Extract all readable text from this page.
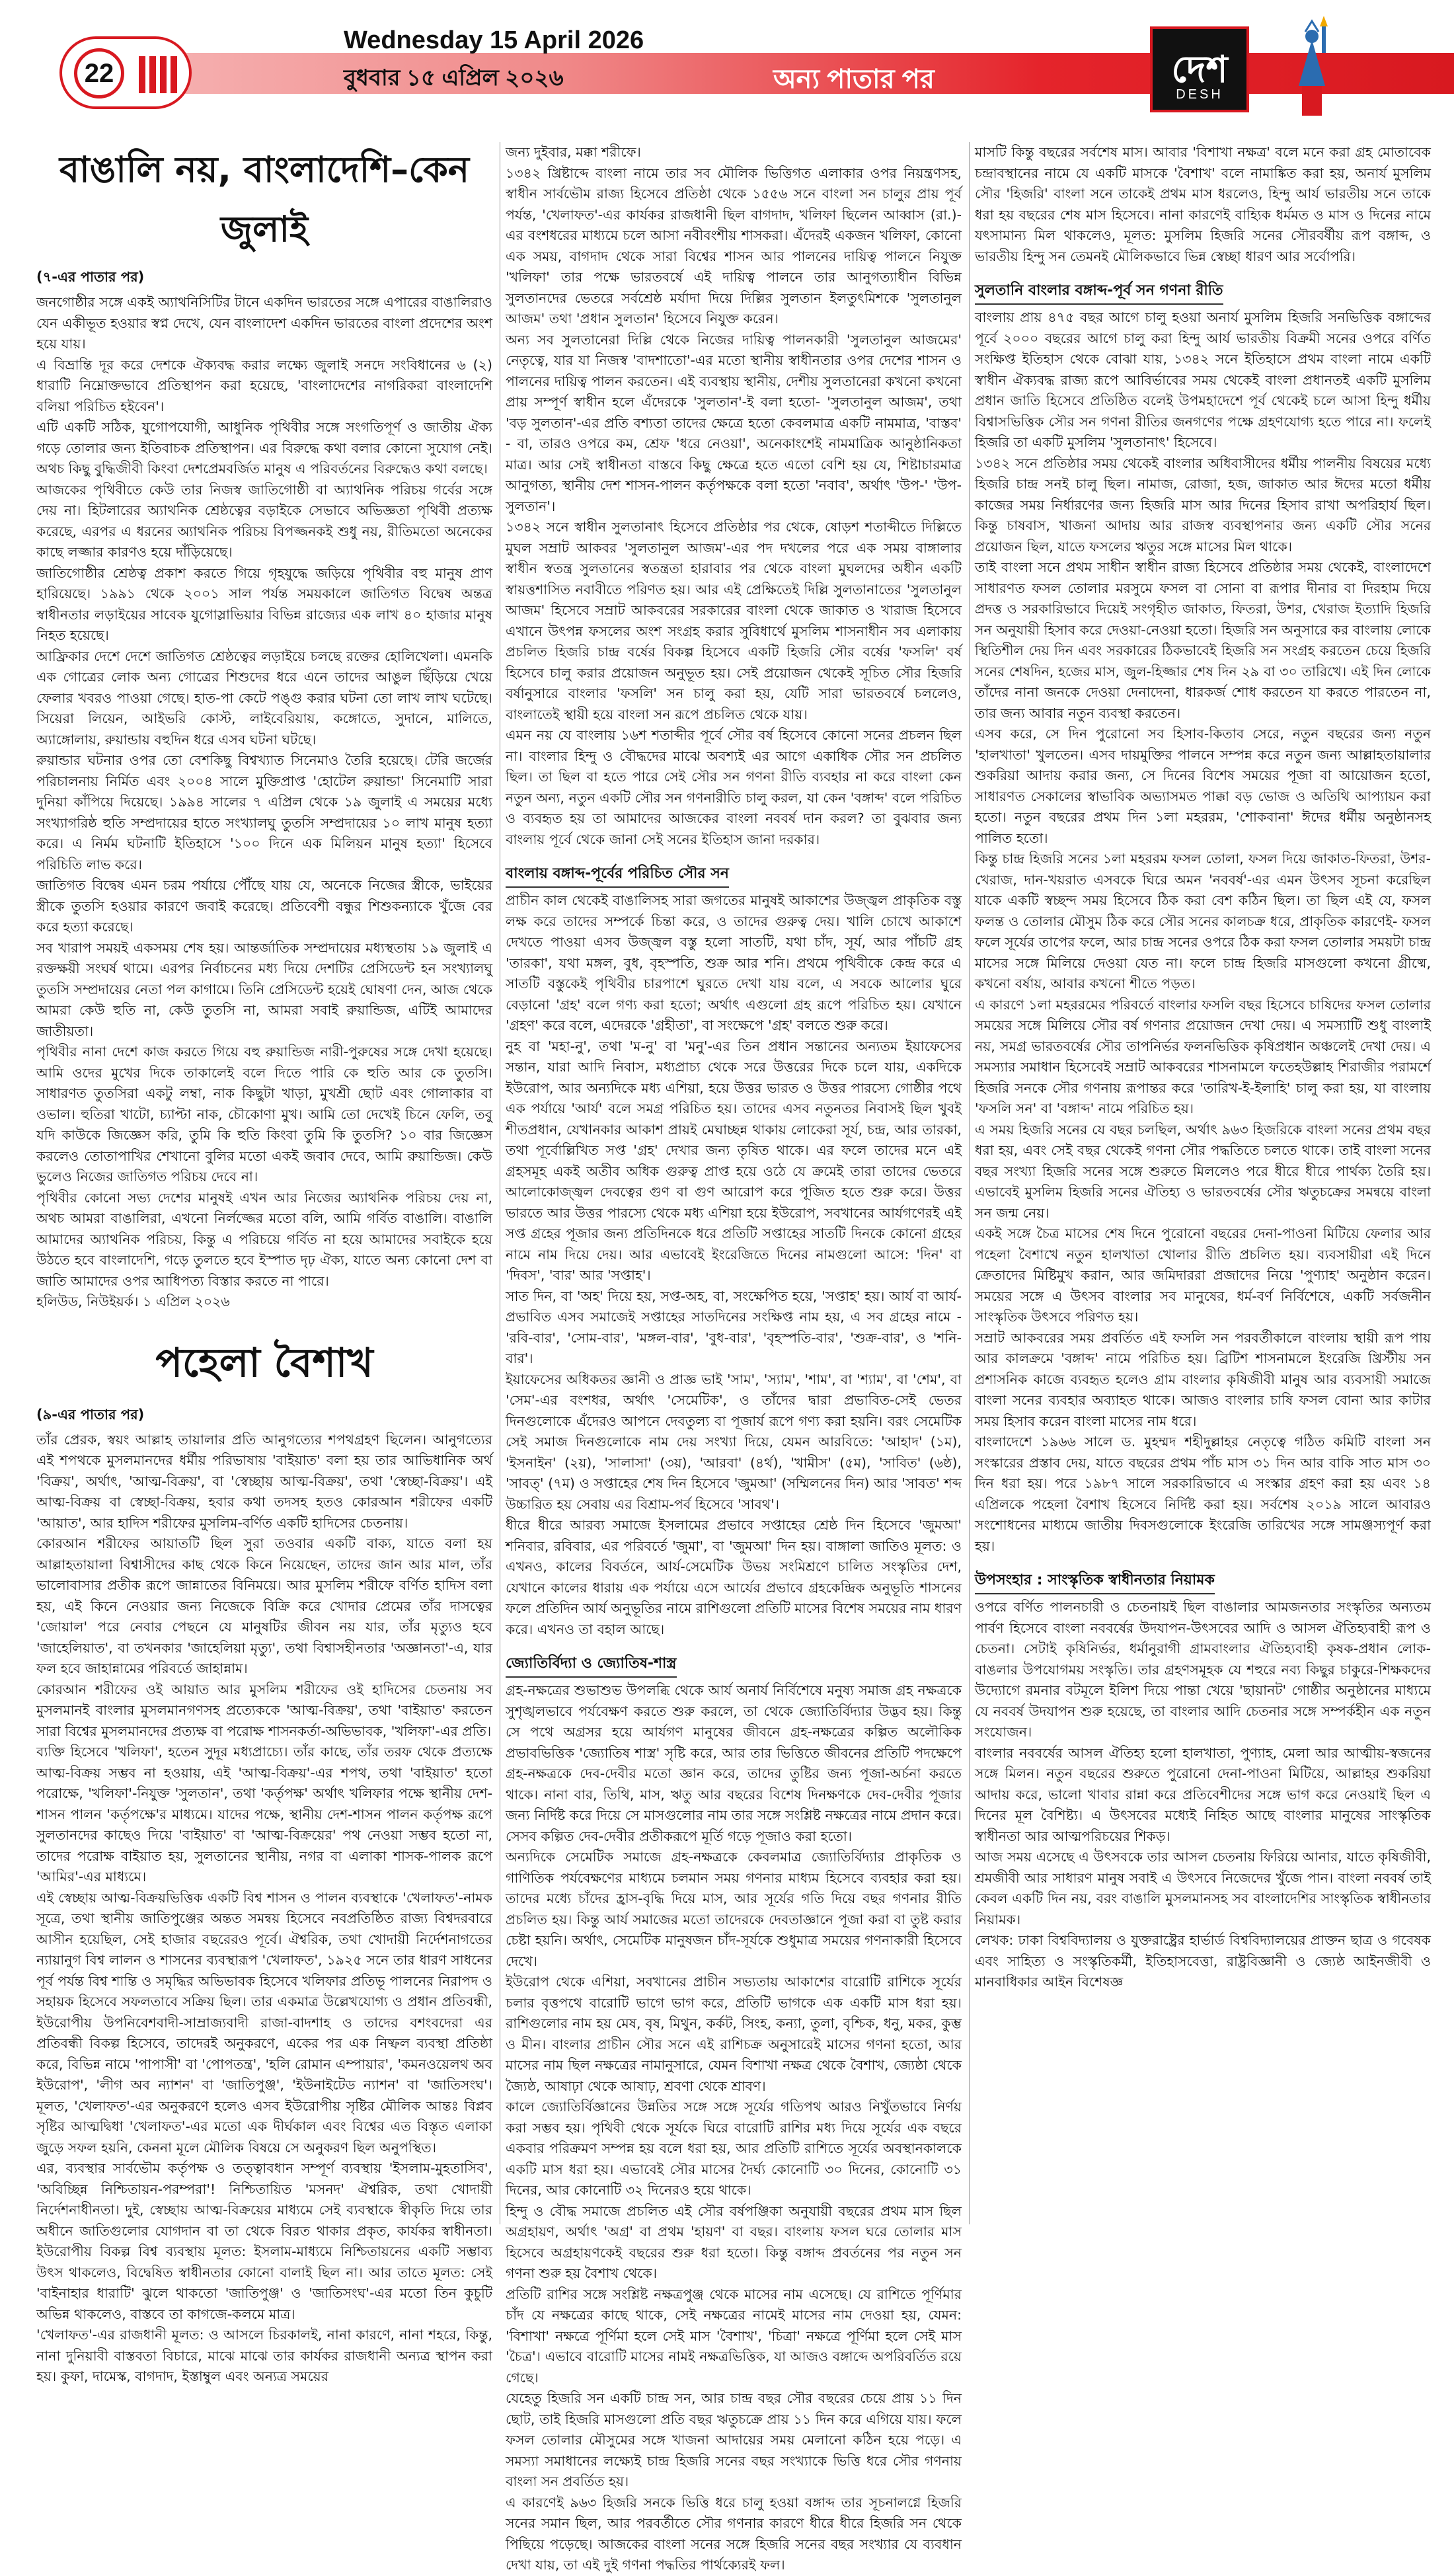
22
Wednesday 15 April 2026
বুধবার ১৫ এপ্রিল ২০২৬	অন্য পাতার পর	দেশ
DESH
বাঙালি নয়, বাংলাদেশি–কেন জুলাই

(৭-এর পাতার পর)

জনগোষ্ঠীর সঙ্গে একই অ্যাথনিসিটির টানে একদিন ভারতের সঙ্গে এপারের বাঙালিরাও যেন একীভূত হওয়ার স্বপ্ন দেখে, যেন বাংলাদেশ একদিন ভারতের বাংলা প্রদেশের অংশ হয়ে যায়।

এ বিভ্রান্তি দূর করে দেশকে ঐক্যবদ্ধ করার লক্ষ্যে জুলাই সনদে সংবিধানের ৬ (২) ধারাটি নিম্নোক্তভাবে প্রতিস্থাপন করা হয়েছে, 'বাংলাদেশের নাগরিকরা বাংলাদেশি বলিয়া পরিচিত হইবেন'।

এটি একটি সঠিক, যুগোপযোগী, আধুনিক পৃথিবীর সঙ্গে সংগতিপূর্ণ ও জাতীয় ঐক্য গড়ে তোলার জন্য ইতিবাচক প্রতিস্থাপন। এর বিরুদ্ধে কথা বলার কোনো সুযোগ নেই। অথচ কিছু বুদ্ধিজীবী কিংবা দেশপ্রেমবর্জিত মানুষ এ পরিবর্তনের বিরুদ্ধেও কথা বলছে।

আজকের পৃথিবীতে কেউ তার নিজস্ব জাতিগোষ্ঠী বা অ্যাথনিক পরিচয় গর্বের সঙ্গে দেয় না। হিটলারের অ্যাথনিক শ্রেষ্ঠত্বের বড়াইকে সেভাবে অভিজ্ঞতা পৃথিবী প্রত্যক্ষ করেছে, এরপর এ ধরনের অ্যাথনিক পরিচয় বিপজ্জনকই শুধু নয়, রীতিমতো অনেকের কাছে লজ্জার কারণও হয়ে দাঁড়িয়েছে।

জাতিগোষ্ঠীর শ্রেষ্ঠত্ব প্রকাশ করতে গিয়ে গৃহযুদ্ধে জড়িয়ে পৃথিবীর বহু মানুষ প্রাণ হারিয়েছে। ১৯৯১ থেকে ২০০১ সাল পর্যন্ত সময়কালে জাতিগত বিদ্বেষ অন্তত্র স্বাধীনতার লড়াইয়ের সাবেক যুগোস্লাভিয়ার বিভিন্ন রাজ্যের এক লাখ ৪০ হাজার মানুষ নিহত হয়েছে।

আফ্রিকার দেশে দেশে জাতিগত শ্রেষ্ঠত্বের লড়াইয়ে চলছে রক্তের হোলিখেলা। এমনকি এক গোত্রের লোক অন্য গোত্রের শিশুদের ধরে এনে তাদের আঙুল ছিঁড়িয়ে খেয়ে ফেলার খবরও পাওয়া গেছে। হাত-পা কেটে পঙ্গু করার ঘটনা তো লাখ লাখ ঘটেছে। সিয়েরা লিয়েন, আইভরি কোস্ট, লাইবেরিয়ায়, কঙ্গোতে, সুদানে, মালিতে, অ্যাঙ্গোলায়, রুয়ান্ডায় বহুদিন ধরে এসব ঘটনা ঘটছে।

রুয়ান্ডার ঘটনার ওপর তো বেশকিছু বিশ্বখ্যাত সিনেমাও তৈরি হয়েছে। টেরি জর্জের পরিচালনায় নির্মিত এবং ২০০৪ সালে মুক্তিপ্রাপ্ত 'হোটেল রুয়ান্ডা' সিনেমাটি সারা দুনিয়া কাঁপিয়ে দিয়েছে। ১৯৯৪ সালের ৭ এপ্রিল থেকে ১৯ জুলাই এ সময়ের মধ্যে সংখ্যাগরিষ্ঠ হুতি সম্প্রদায়ের হাতে সংখ্যালঘু তুতসি সম্প্রদায়ের ১০ লাখ মানুষ হত্যা করে। এ নির্মম ঘটনাটি ইতিহাসে '১০০ দিনে এক মিলিয়ন মানুষ হত্যা' হিসেবে পরিচিতি লাভ করে।

জাতিগত বিদ্বেষ এমন চরম পর্যায়ে পৌঁছে যায় যে, অনেকে নিজের স্ত্রীকে, ভাইয়ের স্ত্রীকে তুতসি হওয়ার কারণে জবাই করেছে। প্রতিবেশী বন্ধুর শিশুকন্যাকে খুঁজে বের করে হত্যা করেছে।

সব খারাপ সময়ই একসময় শেষ হয়। আন্তর্জাতিক সম্প্রদায়ের মধ্যস্থতায় ১৯ জুলাই এ রক্তক্ষয়ী সংঘর্ষ থামে। এরপর নির্বাচনের মধ্য দিয়ে দেশটির প্রেসিডেন্ট হন সংখ্যালঘু তুতসি সম্প্রদায়ের নেতা পল কাগামে। তিনি প্রেসিডেন্ট হয়েই ঘোষণা দেন, আজ থেকে আমরা কেউ হুতি না, কেউ তুতসি না, আমরা সবাই রুয়ান্ডিজ, এটিই আমাদের জাতীয়তা।

পৃথিবীর নানা দেশে কাজ করতে গিয়ে বহু রুয়ান্ডিজ নারী-পুরুষের সঙ্গে দেখা হয়েছে। আমি ওদের মুখের দিকে তাকালেই বলে দিতে পারি কে হুতি আর কে তুতসি। সাধারণত তুতসিরা একটু লম্বা, নাক কিছুটা খাড়া, মুখশ্রী ছোট এবং গোলাকার বা ওভাল। হুতিরা খাটো, চ্যাপ্টা নাক, চৌকোণা মুখ। আমি তো দেখেই চিনে ফেলি, তবু যদি কাউকে জিজ্ঞেস করি, তুমি কি হুতি কিংবা তুমি কি তুতসি? ১০ বার জিজ্ঞেস করলেও তোতাপাখির শেখানো বুলির মতো একই জবাব দেবে, আমি রুয়ান্ডিজ। কেউ ভুলেও নিজের জাতিগত পরিচয় দেবে না।

পৃথিবীর কোনো সভ্য দেশের মানুষই এখন আর নিজের অ্যাথনিক পরিচয় দেয় না, অথচ আমরা বাঙালিরা, এখনো নির্লজ্জের মতো বলি, আমি গর্বিত বাঙালি। বাঙালি আমাদের অ্যাথনিক পরিচয়, কিন্তু এ পরিচয়ে গর্বিত না হয়ে আমাদের সবাইকে হয়ে উঠতে হবে বাংলাদেশি, গড়ে তুলতে হবে ইস্পাত দৃঢ় ঐক্য, যাতে অন্য কোনো দেশ বা জাতি আমাদের ওপর আধিপত্য বিস্তার করতে না পারে।

হলিউড, নিউইয়র্ক। ১ এপ্রিল ২০২৬

পহেলা বৈশাখ

(৯-এর পাতার পর)

তাঁর প্রেরক, স্বয়ং আল্লাহ তায়ালার প্রতি আনুগত্যের শপথগ্রহণ ছিলেন। আনুগত্যের এই শপথকে মুসলমানদের ধর্মীয় পরিভাষায় 'বাইয়াত' বলা হয় তার আভিধানিক অর্থ 'বিক্রয়', অর্থাৎ, 'আত্ম-বিক্রয়', বা 'স্বেচ্ছায় আত্ম-বিক্রয়', তথা 'স্বেচ্ছা-বিক্রয়'। এই আত্ম-বিক্রয় বা স্বেচ্ছা-বিক্রয়, হবার কথা তদসহ হতও কোরআন শরীফের একটি 'আয়াত', আর হাদিস শরীফের মুসলিম-বর্ণিত একটি হাদিসের চেতনায়।

কোরআন শরীফের আয়াতটি ছিল সুরা তওবার একটি বাক্য, যাতে বলা হয় আল্লাহতায়ালা বিশ্বাসীদের কাছ থেকে কিনে নিয়েছেন, তাদের জান আর মাল, তাঁর ভালোবাসার প্রতীক রূপে জান্নাতের বিনিময়ে। আর মুসলিম শরীফে বর্ণিত হাদিস বলা হয়, এই কিনে নেওয়ার জন্য নিজেকে বিক্রি করে খোদার প্রেমের তাঁর দাসত্বের 'জোয়াল' পরে নেবার পেছনে যে মানুষটির জীবন নয় যার, তাঁর মৃত্যুও হবে 'জাহেলিয়াত', বা তখনকার 'জাহেলিয়া মৃত্যু', তথা বিশ্বাসহীনতার 'অজ্ঞানতা'-এ, যার ফল হবে জাহান্নামের পরিবর্তে জাহান্নাম।

কোরআন শরীফের ওই আয়াত আর মুসলিম শরীফের ওই হাদিসের চেতনায় সব মুসলমানই বাংলার মুসলমানগণসহ প্রত্যেককে 'আত্ম-বিক্রয়', তথা 'বাইয়াত' করতেন সারা বিশ্বের মুসলমানদের প্রত্যক্ষ বা পরোক্ষ শাসনকর্তা-অভিভাবক, 'খলিফা'-এর প্রতি।

ব্যক্তি হিসেবে 'খলিফা', হতেন সুদূর মধ্যপ্রাচ্যে। তাঁর কাছে, তাঁর তরফ থেকে প্রত্যক্ষে আত্ম-বিক্রয় সম্ভব না হওয়ায়, এই 'আত্ম-বিক্রয়'-এর শপথ, তথা 'বাইয়াত' হতো পরোক্ষে, 'খলিফা'-নিযুক্ত 'সুলতান', তথা 'কর্তৃপক্ষ' অর্থাৎ খলিফার পক্ষে স্থানীয় দেশ-শাসন পালন 'কর্তৃপক্ষে'র মাধ্যমে। যাদের পক্ষে, স্থানীয় দেশ-শাসন পালন কর্তৃপক্ষ রূপে সুলতানদের কাছেও দিয়ে 'বাইয়াত' বা 'আত্ম-বিক্রয়ের' পথ নেওয়া সম্ভব হতো না, তাদের পরোক্ষ বাইয়াত হয়, সুলতানের স্থানীয়, নগর বা এলাকা শাসক-পালক রূপে 'আমির'-এর মাধ্যমে।

এই স্বেচ্ছায় আত্ম-বিক্রয়ভিত্তিক একটি বিশ্ব শাসন ও পালন ব্যবস্থাকে 'খেলাফত'-নামক সূত্রে, তথা স্থানীয় জাতিপুঞ্জের অন্তত সমন্বয় হিসেবে নবপ্রতিষ্ঠিত রাজ্য বিশ্বদরবারে আসীন হয়েছিল, সেই হাজার বছরেরও পূর্বে। ঐশ্বরিক, তথা খোদায়ী নির্দেশনাগতের ন্যায়ানুগ বিশ্ব লালন ও শাসনের ব্যবস্থারূপ 'খেলাফত', ১৯২৫ সনে তার ধারণ সাধনের পূর্ব পর্যন্ত বিশ্ব শান্তি ও সমৃদ্ধির অভিভাবক হিসেবে খলিফার প্রতিভূ পালনের নিরাপদ ও সহায়ক হিসেবে সফলতাবে সক্রিয় ছিল। তার একমাত্র উল্লেখযোগ্য ও প্রধান প্রতিবন্ধী, ইউরোপীয় উপনিবেশবাদী-সাম্রাজ্যবাদী রাজা-বাদশাহ ও তাদের বশংবদেরা এর প্রতিবন্ধী বিকল্প হিসেবে, তাদেরই অনুকরণে, একের পর এক নিষ্ফল ব্যবস্থা প্রতিষ্ঠা করে, বিভিন্ন নামে 'পাপাসী' বা 'পোপতন্ত্র', 'হলি রোমান এম্পায়ার', 'কমনওয়েলথ অব ইউরোপ', 'লীগ অব ন্যাশন' বা 'জাতিপুঞ্জ', 'ইউনাইটেড ন্যাশন' বা 'জাতিসংঘ'। মূলত, 'খেলাফত'-এর অনুকরণে হলেও এসব ইউরোপীয় সৃষ্টির মৌলিক আন্তঃ বিপ্লব সৃষ্টির আত্মদ্বিধা 'খেলাফত'-এর মতো এক দীর্ঘকাল এবং বিশ্বের এত বিস্তৃত এলাকা জুড়ে সফল হয়নি, কেননা মূলে মৌলিক বিষয়ে সে অনুকরণ ছিল অনুপস্থিত।

এর, ব্যবস্থার সার্বভৌম কর্তৃপক্ষ ও তত্ত্বাবধান সম্পূর্ণ ব্যবস্থায় 'ইসলাম-মুহতাসিব', 'অবিচ্ছিন্ন নিশ্চিতায়ন-পরম্পরা'! নিশ্চিতায়িত 'মসনদ' ঐশ্বরিক, তথা খোদায়ী নির্দেশনাধীনতা। দুই, স্বেচ্ছায় আত্ম-বিক্রয়ের মাধ্যমে সেই ব্যবস্থাকে স্বীকৃতি দিয়ে তার অধীনে জাতিগুলোর যোগদান বা তা থেকে বিরত থাকার প্রকৃত, কার্যকর স্বাধীনতা। ইউরোপীয় বিকল্প বিশ্ব ব্যবস্থায় মূলত: ইসলাম-মাধ্যমে নিশ্চিতায়নের একটি সম্ভাব্য উৎস থাকলেও, বিদ্বেষিত স্বাধীনতার কোনো বালাই ছিল না। আর তাতে মূলত: সেই 'বাইনাহার ধারাটি' ঝুলে থাকতো 'জাতিপুঞ্জ' ও 'জাতিসংঘ'-এর মতো তিন কুচুটি অভিন্ন থাকলেও, বাস্তবে তা কাগজে-কলমে মাত্র।

'খেলাফত'-এর রাজধানী মূলত: ও আসলে চিরকালই, নানা কারণে, নানা শহরে, কিন্তু, নানা দুনিয়াবী বাস্তবতা বিচারে, মাঝে মাঝে তার কার্যকর রাজধানী অন্যত্র স্থাপন করা হয়। কুফা, দামেস্ক, বাগদাদ, ইস্তাম্বুল এবং অন্যত্র সময়ের

জন্য দুইবার, মক্কা শরীফে।

১৩৪২ খ্রিষ্টাব্দে বাংলা নামে তার সব মৌলিক ভিত্তিগত এলাকার ওপর নিয়ন্ত্রণসহ, স্বাধীন সার্বভৌম রাজ্য হিসেবে প্রতিষ্ঠা থেকে ১৫৫৬ সনে বাংলা সন চালুর প্রায় পূর্ব পর্যন্ত, 'খেলাফত'-এর কার্যকর রাজধানী ছিল বাগদাদ, খলিফা ছিলেন আব্বাস (রা.)-এর বংশধরের মাধ্যমে চলে আসা নবীবংশীয় শাসকরা। এঁদেরই একজন খলিফা, কোনো এক সময়, বাগদাদ থেকে সারা বিশ্বের শাসন আর পালনের দায়িত্ব পালনে নিযুক্ত 'খলিফা' তার পক্ষে ভারতবর্ষে এই দায়িত্ব পালনে তার আনুগত্যাধীন বিভিন্ন সুলতানদের ভেতরে সর্বশ্রেষ্ঠ মর্যাদা দিয়ে দিল্লির সুলতান ইলতুৎমিশকে 'সুলতানুল আজম' তথা 'প্রধান সুলতান' হিসেবে নিযুক্ত করেন।

অন্য সব সুলতানেরা দিল্লি থেকে নিজের দায়িত্ব পালনকারী 'সুলতানুল আজমের' নেতৃত্বে, যার যা নিজস্ব 'বাদশাতো'-এর মতো স্থানীয় স্বাধীনতার ওপর দেশের শাসন ও পালনের দায়িত্ব পালন করতেন। এই ব্যবস্থায় স্থানীয়, দেশীয় সুলতানেরা কখনো কখনো প্রায় সম্পূর্ণ স্বাধীন হলে এঁদেরকে 'সুলতান'-ই বলা হতো- 'সুলতানুল আজম', তথা 'বড় সুলতান'-এর প্রতি বশ্যতা তাদের ক্ষেত্রে হতো কেবলমাত্র একটি নামমাত্র, 'বাস্তব' - বা, তারও ওপরে কম, শ্রেফ 'ধরে নেওয়া', অনেকাংশেই নামমাত্রিক আনুষ্ঠানিকতা মাত্র। আর সেই স্বাধীনতা বাস্তবে কিছু ক্ষেত্রে হতে এতো বেশি হয় যে, শিষ্টাচারমাত্র আনুগত্য, স্থানীয় দেশ শাসন-পালন কর্তৃপক্ষকে বলা হতো 'নবাব', অর্থাৎ 'উপ-' 'উপ-সুলতান'।

১৩৪২ সনে স্বাধীন সুলতানাৎ হিসেবে প্রতিষ্ঠার পর থেকে, ষোড়শ শতাব্দীতে দিল্লিতে মুঘল সম্রাট আকবর 'সুলতানুল আজম'-এর পদ দখলের পরে এক সময় বাঙ্গালার স্বাধীন স্বতন্ত্র সুলতানের স্বতন্ত্রতা হারাবার পর থেকে বাংলা মুঘলদের অধীন একটি স্বায়ত্তশাসিত নবাবীতে পরিণত হয়। আর এই প্রেক্ষিতেই দিল্লি সুলতানাতের 'সুলতানুল আজম' হিসেবে সম্রাট আকবরের সরকারের বাংলা থেকে জাকাত ও খারাজ হিসেবে এখানে উৎপন্ন ফসলের অংশ সংগ্রহ করার সুবিধার্থে মুসলিম শাসনাধীন সব এলাকায় প্রচলিত হিজরি চান্দ্র বর্ষের বিকল্প হিসেবে একটি হিজরি সৌর বর্ষের 'ফসলি' বর্ষ হিসেবে চালু করার প্রয়োজন অনুভূত হয়। সেই প্রয়োজন থেকেই সূচিত সৌর হিজরি বর্ষানুসারে বাংলার 'ফসলি' সন চালু করা হয়, যেটি সারা ভারতবর্ষে চললেও, বাংলাতেই স্থায়ী হয়ে বাংলা সন রূপে প্রচলিত থেকে যায়।

এমন নয় যে বাংলায় ১৬শ শতাব্দীর পূর্বে সৌর বর্ষ হিসেবে কোনো সনের প্রচলন ছিল না। বাংলার হিন্দু ও বৌদ্ধদের মাঝে অবশ্যই এর আগে একাধিক সৌর সন প্রচলিত ছিল। তা ছিল বা হতে পারে সেই সৌর সন গণনা রীতি ব্যবহার না করে বাংলা কেন নতুন অন্য, নতুন একটি সৌর সন গণনারীতি চালু করল, যা কেন 'বঙ্গাব্দ' বলে পরিচিত ও ব্যবহৃত হয় তা আমাদের আজকের বাংলা নববর্ষ দান করল? তা বুঝবার জন্য বাংলায় পূর্বে থেকে জানা সেই সনের ইতিহাস জানা দরকার।

বাংলায় বঙ্গাব্দ-পূর্বের পরিচিত সৌর সন

প্রাচীন কাল থেকেই বাঙালিসহ সারা জগতের মানুষই আকাশের উজ্জ্বল প্রাকৃতিক বস্তু লক্ষ করে তাদের সম্পর্কে চিন্তা করে, ও তাদের গুরুত্ব দেয়। খালি চোখে আকাশে দেখতে পাওয়া এসব উজ্জ্বল বস্তু হলো সাতটি, যথা চাঁদ, সূর্য, আর পাঁচটি গ্রহ 'তারকা', যথা মঙ্গল, বুধ, বৃহস্পতি, শুক্র আর শনি। প্রথমে পৃথিবীকে কেন্দ্র করে এ সাতটি বস্তুকেই পৃথিবীর চারপাশে ঘুরতে দেখা যায় বলে, এ সবকে আলোর ঘুরে বেড়ানো 'গ্রহ' বলে গণ্য করা হতো; অর্থাৎ এগুলো গ্রহ রূপে পরিচিত হয়। যেখানে 'গ্রহণ' করে বলে, এদেরকে 'গ্রহীতা', বা সংক্ষেপে 'গ্রহ' বলতে শুরু করে।

নুহ বা 'মহা-নু', তথা 'ম-নু' বা 'মনু'-এর তিন প্রধান সন্তানের অন্যতম ইয়াফেসের সন্তান, যারা আদি নিবাস, মধ্যপ্রাচ্য থেকে সরে উত্তরের দিকে চলে যায়, একদিকে ইউরোপ, আর অন্যদিকে মধ্য এশিয়া, হয়ে উত্তর ভারত ও উত্তর পারস্যে গোষ্ঠীর পথে এক পর্যায়ে 'আর্য' বলে সমগ্র পরিচিত হয়। তাদের এসব নতুনতর নিবাসই ছিল খুবই শীতপ্রধান, যেখানকার আকাশ প্রায়ই মেঘাচ্ছন্ন থাকায় লোকেরা সূর্য, চন্দ্র, আর তারকা, তথা পূর্বোল্লিখিত সপ্ত 'গ্রহ' দেখার জন্য তৃষিত থাকে। এর ফলে তাদের মনে এই গ্রহসমূহ একই অতীব অধিক গুরুত্ব প্রাপ্ত হয়ে ওঠে যে ক্রমেই তারা তাদের ভেতরে আলোকোজ্জ্বল দেবত্বের গুণ বা গুণ আরোপ করে পূজিত হতে শুরু করে। উত্তর ভারতে আর উত্তর পারস্যে থেকে মধ্য এশিয়া হয়ে ইউরোপ, সবখানের আর্যগণেরই এই সপ্ত গ্রহের পূজার জন্য প্রতিদিনকে ধরে প্রতিটি সপ্তাহের সাতটি দিনকে কোনো গ্রহের নামে নাম দিয়ে দেয়। আর এভাবেই ইংরেজিতে দিনের নামগুলো আসে: 'দিন' বা 'দিবস', 'বার' আর 'সপ্তাহ'।

সাত দিন, বা 'অহ' দিয়ে হয়, সপ্ত-অহ, বা, সংক্ষেপিত হয়ে, 'সপ্তাহ' হয়। আর্য বা আর্য-প্রভাবিত এসব সমাজেই সপ্তাহের সাতদিনের সংক্ষিপ্ত নাম হয়, এ সব গ্রহের নামে - 'রবি-বার', 'সোম-বার', 'মঙ্গল-বার', 'বুধ-বার', 'বৃহস্পতি-বার', 'শুক্র-বার', ও 'শনি-বার'।

ইয়াফেসের অধিকতর জ্ঞানী ও প্রাজ্ঞ ভাই 'সাম', 'স্যাম', 'শাম', বা 'শ্যাম', বা 'শেম', বা 'সেম'-এর বংশধর, অর্থাৎ 'সেমেটিক', ও তাঁদের দ্বারা প্রভাবিত-সেই ভেতর দিনগুলোকে এঁদেরও আপনে দেবতুল্য বা পূজার্য রূপে গণ্য করা হয়নি। বরং সেমেটিক সেই সমাজ দিনগুলোকে নাম দেয় সংখ্যা দিয়ে, যেমন আরবিতে: 'আহাদ' (১ম), 'ইসনাইন' (২য়), 'সালাসা' (৩য়), 'আরবা' (৪র্থ), 'খামীস' (৫ম), 'সাবিত' (৬ষ্ঠ), 'সাবত্' (৭ম) ও সপ্তাহের শেষ দিন হিসেবে 'জুমআ' (সম্মিলনের দিন) আর 'সাবত' শব্দ উচ্চারিত হয় সেবায় এর বিশ্রাম-পর্ব হিসেবে 'সাবথ'।

ধীরে ধীরে আরব্য সমাজে ইসলামের প্রভাবে সপ্তাহের শ্রেষ্ঠ দিন হিসেবে 'জুমআ' শনিবার, রবিবার, এর পরিবর্তে 'জুমা', বা 'জুমআ' দিন হয়। বাঙ্গালা জাতিও মূলত: ও এখনও, কালের বিবর্তনে, আর্য-সেমেটিক উভয় সংমিশ্রণে চালিত সংস্কৃতির দেশ, যেখানে কালের ধারায় এক পর্যায়ে এসে আর্যের প্রভাবে গ্রহকেন্দ্রিক অনুভূতি শাসনের ফলে প্রতিদিন আর্য অনুভূতির নামে রাশিগুলো প্রতিটি মাসের বিশেষ সময়ের নাম ধারণ করে। এখনও তা বহাল আছে।

জ্যোতির্বিদ্যা ও জ্যোতিষ-শাস্ত্র

গ্রহ-নক্ষত্রের শুভাশুভ উপলব্ধি থেকে আর্য অনার্য নির্বিশেষে মনুষ্য সমাজ গ্রহ নক্ষত্রকে সুশৃঙ্খলভাবে পর্যবেক্ষণ করতে শুরু করলে, তা থেকে জ্যোতির্বিদ্যার উদ্ভব হয়। কিন্তু সে পথে অগ্রসর হয়ে আর্যগণ মানুষের জীবনে গ্রহ-নক্ষত্রের কল্পিত অলৌকিক প্রভাবভিত্তিক 'জ্যোতিষ শাস্ত্র' সৃষ্টি করে, আর তার ভিত্তিতে জীবনের প্রতিটি পদক্ষেপে গ্রহ-নক্ষত্রকে দেব-দেবীর মতো জ্ঞান করে, তাদের তুষ্টির জন্য পূজা-অর্চনা করতে থাকে। নানা বার, তিথি, মাস, ঋতু আর বছরের বিশেষ দিনক্ষণকে দেব-দেবীর পূজার জন্য নির্দিষ্ট করে দিয়ে সে মাসগুলোর নাম তার সঙ্গে সংশ্লিষ্ট নক্ষত্রের নামে প্রদান করে। সেসব কল্পিত দেব-দেবীর প্রতীকরূপে মূর্তি গড়ে পূজাও করা হতো।

অন্যদিকে সেমেটিক সমাজে গ্রহ-নক্ষত্রকে কেবলমাত্র জ্যোতির্বিদ্যার প্রাকৃতিক ও গাণিতিক পর্যবেক্ষণের মাধ্যমে চলমান সময় গণনার মাধ্যম হিসেবে ব্যবহার করা হয়। তাদের মধ্যে চাঁদের হ্রাস-বৃদ্ধি দিয়ে মাস, আর সূর্যের গতি দিয়ে বছর গণনার রীতি প্রচলিত হয়। কিন্তু আর্য সমাজের মতো তাদেরকে দেবতাজ্ঞানে পূজা করা বা তুষ্ট করার চেষ্টা হয়নি। অর্থাৎ, সেমেটিক মানুষজন চাঁদ-সূর্যকে শুধুমাত্র সময়ের গণনাকারী হিসেবে দেখে।

ইউরোপ থেকে এশিয়া, সবখানের প্রাচীন সভ্যতায় আকাশের বারোটি রাশিকে সূর্যের চলার বৃত্তপথে বারোটি ভাগে ভাগ করে, প্রতিটি ভাগকে এক একটি মাস ধরা হয়। রাশিগুলোর নাম হয় মেষ, বৃষ, মিথুন, কর্কট, সিংহ, কন্যা, তুলা, বৃশ্চিক, ধনু, মকর, কুম্ভ ও মীন। বাংলার প্রাচীন সৌর সনে এই রাশিচক্র অনুসারেই মাসের গণনা হতো, আর মাসের নাম ছিল নক্ষত্রের নামানুসারে, যেমন বিশাখা নক্ষত্র থেকে বৈশাখ, জ্যেষ্ঠা থেকে জ্যৈষ্ঠ, আষাঢ়া থেকে আষাঢ়, শ্রবণা থেকে শ্রাবণ।

কালে জ্যোতির্বিজ্ঞানের উন্নতির সঙ্গে সঙ্গে সূর্যের গতিপথ আরও নিখুঁতভাবে নির্ণয় করা সম্ভব হয়। পৃথিবী থেকে সূর্যকে ঘিরে বারোটি রাশির মধ্য দিয়ে সূর্যের এক বছরে একবার পরিক্রমণ সম্পন্ন হয় বলে ধরা হয়, আর প্রতিটি রাশিতে সূর্যের অবস্থানকালকে একটি মাস ধরা হয়। এভাবেই সৌর মাসের দৈর্ঘ্য কোনোটি ৩০ দিনের, কোনোটি ৩১ দিনের, আর কোনোটি ৩২ দিনেরও হয়ে থাকে।

হিন্দু ও বৌদ্ধ সমাজে প্রচলিত এই সৌর বর্ষপঞ্জিকা অনুযায়ী বছরের প্রথম মাস ছিল অগ্রহায়ণ, অর্থাৎ 'অগ্র' বা প্রথম 'হায়ণ' বা বছর। বাংলায় ফসল ঘরে তোলার মাস হিসেবে অগ্রহায়ণকেই বছরের শুরু ধরা হতো। কিন্তু বঙ্গাব্দ প্রবর্তনের পর নতুন সন গণনা শুরু হয় বৈশাখ থেকে।

প্রতিটি রাশির সঙ্গে সংশ্লিষ্ট নক্ষত্রপুঞ্জ থেকে মাসের নাম এসেছে। যে রাশিতে পূর্ণিমার চাঁদ যে নক্ষত্রের কাছে থাকে, সেই নক্ষত্রের নামেই মাসের নাম দেওয়া হয়, যেমন: 'বিশাখা' নক্ষত্রে পূর্ণিমা হলে সেই মাস 'বৈশাখ', 'চিত্রা' নক্ষত্রে পূর্ণিমা হলে সেই মাস 'চৈত্র'। এভাবে বারোটি মাসের নামই নক্ষত্রভিত্তিক, যা আজও বঙ্গাব্দে অপরিবর্তিত রয়ে গেছে।

যেহেতু হিজরি সন একটি চান্দ্র সন, আর চান্দ্র বছর সৌর বছরের চেয়ে প্রায় ১১ দিন ছোট, তাই হিজরি মাসগুলো প্রতি বছর ঋতুচক্রে প্রায় ১১ দিন করে এগিয়ে যায়। ফলে ফসল তোলার মৌসুমের সঙ্গে খাজনা আদায়ের সময় মেলানো কঠিন হয়ে পড়ে। এ সমস্যা সমাধানের লক্ষ্যেই চান্দ্র হিজরি সনের বছর সংখ্যাকে ভিত্তি ধরে সৌর গণনায় বাংলা সন প্রবর্তিত হয়।

এ কারণেই ৯৬৩ হিজরি সনকে ভিত্তি ধরে চালু হওয়া বঙ্গাব্দ তার সূচনালগ্নে হিজরি সনের সমান ছিল, আর পরবর্তীতে সৌর গণনার কারণে ধীরে ধীরে হিজরি সন থেকে পিছিয়ে পড়েছে। আজকের বাংলা সনের সঙ্গে হিজরি সনের বছর সংখ্যার যে ব্যবধান দেখা যায়, তা এই দুই গণনা পদ্ধতির পার্থক্যেরই ফল।

মাসটি কিন্তু বছরের সর্বশেষ মাস। আবার 'বিশাখা নক্ষত্র' বলে মনে করা গ্রহ মোতাবেক চন্দ্রাবস্থানের নামে যে একটি মাসকে 'বৈশাখ' বলে নামাঙ্কিত করা হয়, অনার্য মুসলিম সৌর 'হিজরি' বাংলা সনে তাকেই প্রথম মাস ধরলেও, হিন্দু আর্য ভারতীয় সনে তাকে ধরা হয় বছরের শেষ মাস হিসেবে। নানা কারণেই বাহ্যিক ধর্মমত ও মাস ও দিনের নামে যৎসামান্য মিল থাকলেও, মূলত: মুসলিম হিজরি সনের সৌরবর্ষীয় রূপ বঙ্গাব্দ, ও ভারতীয় হিন্দু সন তেমনই মৌলিকভাবে ভিন্ন স্বেচ্ছা ধারণ আর সর্বোপরি।

সুলতানি বাংলার বঙ্গাব্দ-পূর্ব সন গণনা রীতি

বাংলায় প্রায় ৪৭৫ বছর আগে চালু হওয়া অনার্য মুসলিম হিজরি সনভিত্তিক বঙ্গাব্দের পূর্বে ২০০০ বছরের আগে চালু করা হিন্দু আর্য ভারতীয় বিক্রমী সনের ওপরে বর্ণিত সংক্ষিপ্ত ইতিহাস থেকে বোঝা যায়, ১৩৪২ সনে ইতিহাসে প্রথম বাংলা নামে একটি স্বাধীন ঐক্যবদ্ধ রাজ্য রূপে আবির্ভাবের সময় থেকেই বাংলা প্রধানতই একটি মুসলিম প্রধান জাতি হিসেবে প্রতিষ্ঠিত বলেই উপমহাদেশে পূর্ব থেকেই চলে আসা হিন্দু ধর্মীয় বিশ্বাসভিত্তিক সৌর সন গণনা রীতির জনগণের পক্ষে গ্রহণযোগ্য হতে পারে না। ফলেই হিজরি তা একটি মুসলিম 'সুলতানাৎ' হিসেবে।

১৩৪২ সনে প্রতিষ্ঠার সময় থেকেই বাংলার অধিবাসীদের ধর্মীয় পালনীয় বিষয়ের মধ্যে হিজরি চান্দ্র সনই চালু ছিল। নামাজ, রোজা, হজ, জাকাত আর ঈদের মতো ধর্মীয় কাজের সময় নির্ধারণের জন্য হিজরি মাস আর দিনের হিসাব রাখা অপরিহার্য ছিল। কিন্তু চাষবাস, খাজনা আদায় আর রাজস্ব ব্যবস্থাপনার জন্য একটি সৌর সনের প্রয়োজন ছিল, যাতে ফসলের ঋতুর সঙ্গে মাসের মিল থাকে।

তাই বাংলা সনে প্রথম সাধীন স্বাধীন রাজ্য হিসেবে প্রতিষ্ঠার সময় থেকেই, বাংলাদেশে সাধারণত ফসল তোলার মরসুমে ফসল বা সোনা বা রূপার দীনার বা দিরহাম দিয়ে প্রদত্ত ও সরকারিভাবে দিয়েই সংগৃহীত জাকাত, ফিতরা, উশর, খেরাজ ইত্যাদি হিজরি সন অনুযায়ী হিসাব করে দেওয়া-নেওয়া হতো। হিজরি সন অনুসারে কর বাংলায় লোকে স্থিতিশীল দেয় দিন এবং সরকারের ঠিকভাবেই হিজরি সন সংগ্রহ করতেন চেয়ে হিজরি সনের শেষদিন, হজের মাস, জুল-হিজ্জার শেষ দিন ২৯ বা ৩০ তারিখে। এই দিন লোকে তাঁদের নানা জনকে দেওয়া দেনাদেনা, ধারকর্জ শোধ করতেন যা করতে পারতেন না, তার জন্য আবার নতুন ব্যবস্থা করতেন।

এসব করে, সে দিন পুরোনো সব হিসাব-কিতাব সেরে, নতুন বছরের জন্য নতুন 'হালখাতা' খুলতেন। এসব দায়মুক্তির পালনে সম্পন্ন করে নতুন জন্য আল্লাহতায়ালার শুকরিয়া আদায় করার জন্য, সে দিনের বিশেষ সময়ের পূজা বা আয়োজন হতো, সাধারণত সেকালের স্বাভাবিক অভ্যাসমত পাক্কা বড় ভোজ ও অতিথি আপ্যায়ন করা হতো। নতুন বছরের প্রথম দিন ১লা মহররম, 'শোকবানা' ঈদের ধর্মীয় অনুষ্ঠানসহ পালিত হতো।

কিন্তু চান্দ্র হিজরি সনের ১লা মহররম ফসল তোলা, ফসল দিয়ে জাকাত-ফিতরা, উশর-খেরাজ, দান-খয়রাত এসবকে ঘিরে অমন 'নববর্ষ'-এর এমন উৎসব সূচনা করেছিল যাকে একটি স্বচ্ছন্দ সময় হিসেবে ঠিক করা বেশ কঠিন ছিল। তা ছিল এই যে, ফসল ফলন্ত ও তোলার মৌসুম ঠিক করে সৌর সনের কালচক্র ধরে, প্রাকৃতিক কারণেই- ফসল ফলে সূর্যের তাপের ফলে, আর চান্দ্র সনের ওপরে ঠিক করা ফসল তোলার সময়টা চান্দ্র মাসের সঙ্গে মিলিয়ে দেওয়া যেত না। ফলে চান্দ্র হিজরি মাসগুলো কখনো গ্রীষ্মে, কখনো বর্ষায়, আবার কখনো শীতে পড়ত।

এ কারণে ১লা মহররমের পরিবর্তে বাংলার ফসলি বছর হিসেবে চাষিদের ফসল তোলার সময়ের সঙ্গে মিলিয়ে সৌর বর্ষ গণনার প্রয়োজন দেখা দেয়। এ সমস্যাটি শুধু বাংলাই নয়, সমগ্র ভারতবর্ষের সৌর তাপনির্ভর ফলনভিত্তিক কৃষিপ্রধান অঞ্চলেই দেখা দেয়। এ সমস্যার সমাধান হিসেবেই সম্রাট আকবরের শাসনামলে ফতেহউল্লাহ শিরাজীর পরামর্শে হিজরি সনকে সৌর গণনায় রূপান্তর করে 'তারিখ-ই-ইলাহি' চালু করা হয়, যা বাংলায় 'ফসলি সন' বা 'বঙ্গাব্দ' নামে পরিচিত হয়।

এ সময় হিজরি সনের যে বছর চলছিল, অর্থাৎ ৯৬৩ হিজরিকে বাংলা সনের প্রথম বছর ধরা হয়, এবং সেই বছর থেকেই গণনা সৌর পদ্ধতিতে চলতে থাকে। তাই বাংলা সনের বছর সংখ্যা হিজরি সনের সঙ্গে শুরুতে মিললেও পরে ধীরে ধীরে পার্থক্য তৈরি হয়। এভাবেই মুসলিম হিজরি সনের ঐতিহ্য ও ভারতবর্ষের সৌর ঋতুচক্রের সমন্বয়ে বাংলা সন জন্ম নেয়।

একই সঙ্গে চৈত্র মাসের শেষ দিনে পুরোনো বছরের দেনা-পাওনা মিটিয়ে ফেলার আর পহেলা বৈশাখে নতুন হালখাতা খোলার রীতি প্রচলিত হয়। ব্যবসায়ীরা এই দিনে ক্রেতাদের মিষ্টিমুখ করান, আর জমিদাররা প্রজাদের নিয়ে 'পুণ্যাহ' অনুষ্ঠান করেন। সময়ের সঙ্গে এ উৎসব বাংলার সব মানুষের, ধর্ম-বর্ণ নির্বিশেষে, একটি সর্বজনীন সাংস্কৃতিক উৎসবে পরিণত হয়।

সম্রাট আকবরের সময় প্রবর্তিত এই ফসলি সন পরবর্তীকালে বাংলায় স্থায়ী রূপ পায় আর কালক্রমে 'বঙ্গাব্দ' নামে পরিচিত হয়। ব্রিটিশ শাসনামলে ইংরেজি খ্রিস্টীয় সন প্রশাসনিক কাজে ব্যবহৃত হলেও গ্রাম বাংলার কৃষিজীবী মানুষ আর ব্যবসায়ী সমাজে বাংলা সনের ব্যবহার অব্যাহত থাকে। আজও বাংলার চাষি ফসল বোনা আর কাটার সময় হিসাব করেন বাংলা মাসের নাম ধরে।

বাংলাদেশে ১৯৬৬ সালে ড. মুহম্মদ শহীদুল্লাহর নেতৃত্বে গঠিত কমিটি বাংলা সন সংস্কারের প্রস্তাব দেয়, যাতে বছরের প্রথম পাঁচ মাস ৩১ দিন আর বাকি সাত মাস ৩০ দিন ধরা হয়। পরে ১৯৮৭ সালে সরকারিভাবে এ সংস্কার গ্রহণ করা হয় এবং ১৪ এপ্রিলকে পহেলা বৈশাখ হিসেবে নির্দিষ্ট করা হয়। সর্বশেষ ২০১৯ সালে আবারও সংশোধনের মাধ্যমে জাতীয় দিবসগুলোকে ইংরেজি তারিখের সঙ্গে সামঞ্জস্যপূর্ণ করা হয়।

উপসংহার : সাংস্কৃতিক স্বাধীনতার নিয়ামক

ওপরে বর্ণিত পালনচারী ও চেতনায়ই ছিল বাঙালার আমজনতার সংস্কৃতির অন্যতম পার্বণ হিসেবে বাংলা নববর্ষের উদযাপন-উৎসবের আদি ও আসল ঐতিহ্যবাহী রূপ ও চেতনা। সেটাই কৃষিনির্ভর, ধর্মানুরাগী গ্রামবাংলার ঐতিহ্যবাহী কৃষক-প্রধান লোক-বাঙলার উপযোগময় সংস্কৃতি। তার গ্রহণসমূহক যে শহুরে নব্য কিছুর চাকুরে-শিক্ষকদের উদ্যোগে রমনার বটমূলে ইলিশ দিয়ে পান্তা খেয়ে 'ছায়ানট' গোষ্ঠীর অনুষ্ঠানের মাধ্যমে যে নববর্ষ উদযাপন শুরু হয়েছে, তা বাংলার আদি চেতনার সঙ্গে সম্পর্কহীন এক নতুন সংযোজন।

বাংলার নববর্ষের আসল ঐতিহ্য হলো হালখাতা, পুণ্যাহ, মেলা আর আত্মীয়-স্বজনের সঙ্গে মিলন। নতুন বছরের শুরুতে পুরোনো দেনা-পাওনা মিটিয়ে, আল্লাহর শুকরিয়া আদায় করে, ভালো খাবার রান্না করে প্রতিবেশীদের সঙ্গে ভাগ করে নেওয়াই ছিল এ দিনের মূল বৈশিষ্ট্য। এ উৎসবের মধ্যেই নিহিত আছে বাংলার মানুষের সাংস্কৃতিক স্বাধীনতা আর আত্মপরিচয়ের শিকড়।

আজ সময় এসেছে এ উৎসবকে তার আসল চেতনায় ফিরিয়ে আনার, যাতে কৃষিজীবী, শ্রমজীবী আর সাধারণ মানুষ সবাই এ উৎসবে নিজেদের খুঁজে পান। বাংলা নববর্ষ তাই কেবল একটি দিন নয়, বরং বাঙালি মুসলমানসহ সব বাংলাদেশির সাংস্কৃতিক স্বাধীনতার নিয়ামক।

লেখক: ঢাকা বিশ্ববিদ্যালয় ও যুক্তরাষ্ট্রের হার্ভার্ড বিশ্ববিদ্যালয়ের প্রাক্তন ছাত্র ও গবেষক এবং সাহিত্য ও সংস্কৃতিকর্মী, ইতিহাসবেত্তা, রাষ্ট্রবিজ্ঞানী ও জ্যেষ্ঠ আইনজীবী ও মানবাধিকার আইন বিশেষজ্ঞ
